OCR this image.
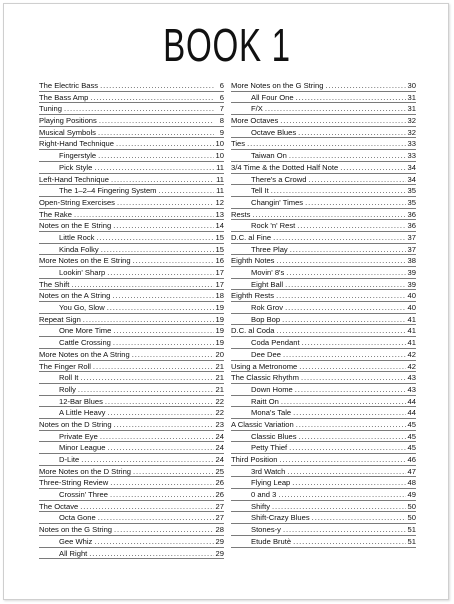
BOOK 1
The Electric Bass . . .	6
The Bass Amp . . .	6
Tuning . . .	7
Playing Positions . . .	8
Musical Symbols . . .	9
Right-Hand Technique . . .	10
Fingerstyle . . .	10
Pick Style . . .	11
Left-Hand Technique . . .	11
The 1–2–4 Fingering System . . .	11
Open-String Exercises . . .	12
The Rake . . .	13
Notes on the E String . . .	14
Little Rock . . .	15
Kinda Folky . . .	15
More Notes on the E String . . .	16
Lookin' Sharp . . .	17
The Shift . . .	17
Notes on the A String . . .	18
You Go, Slow . . .	19
Repeat Sign . . .	19
One More Time . . .	19
Cattle Crossing . . .	19
More Notes on the A String . . .	20
The Finger Roll . . .	21
Roll It . . .	21
Rolly . . .	21
12-Bar Blues . . .	22
A Little Heavy . . .	22
Notes on the D String . . .	23
Private Eye . . .	24
Minor League . . .	24
D-Lite . . .	24
More Notes on the D String . . .	25
Three-String Review . . .	26
Crossin' Three . . .	26
The Octave . . .	27
Octa Gone . . .	27
Notes on the G String . . .	28
Gee Whiz . . .	29
All Right . . .	29
More Notes on the G String . . .	30
All Four One . . .	31
F/X . . .	31
More Octaves . . .	32
Octave Blues . . .	32
Ties . . .	33
Taiwan On . . .	33
3/4 Time & the Dotted Half Note . . .	34
There's a Crowd . . .	34
Tell It . . .	35
Changin' Times . . .	35
Rests . . .	36
Rock 'n' Rest . . .	36
D.C. al Fine . . .	37
Three Play . . .	37
Eighth Notes . . .	38
Movin' 8's . . .	39
Eight Ball . . .	39
Eighth Rests . . .	40
Rok Grov . . .	40
Bop Bop . . .	41
D.C. al Coda . . .	41
Coda Pendant . . .	41
Dee Dee . . .	42
Using a Metronome . . .	42
The Classic Rhythm . . .	43
Down Home . . .	43
Raitt On . . .	44
Mona's Tale . . .	44
A Classic Variation . . .	45
Classic Blues . . .	45
Petty Thief . . .	45
Third Position . . .	46
3rd Watch . . .	47
Flying Leap . . .	48
0 and 3 . . .	49
Shifty . . .	50
Shift-Crazy Blues . . .	50
Stones-y . . .	51
Etude Brutè . . .	51
